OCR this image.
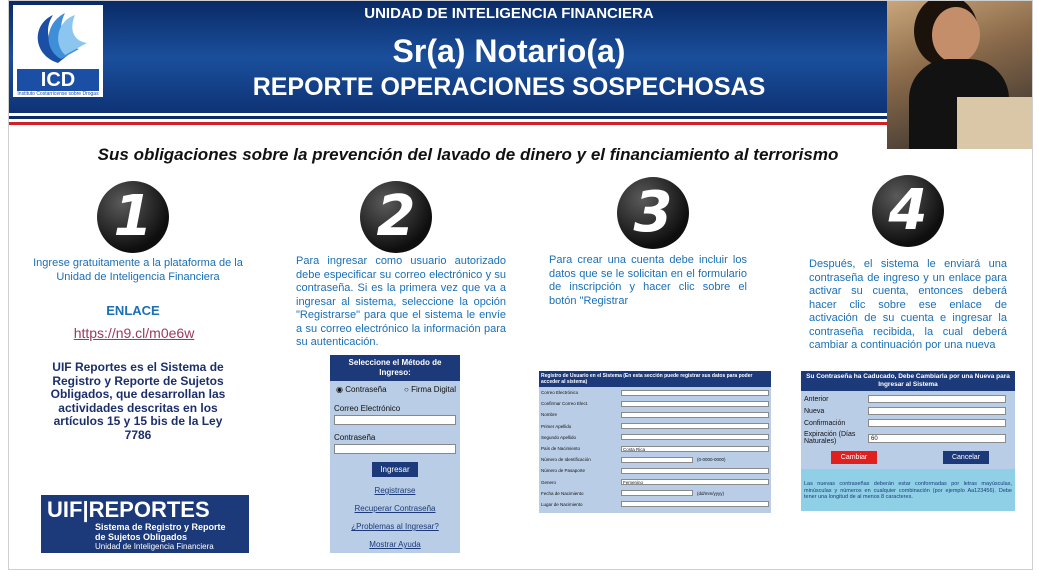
ICD
Instituto Costarricense sobre Drogas
UNIDAD DE INTELIGENCIA FINANCIERA
Sr(a) Notario(a)
REPORTE OPERACIONES SOSPECHOSAS
Sus obligaciones sobre la prevención del lavado de dinero y el financiamiento al terrorismo
1	2	3	4
Ingrese gratuitamente a la plataforma de la Unidad de Inteligencia Financiera
Para ingresar como usuario autorizado debe especificar su correo electrónico y su contraseña. Si es la primera vez que va a ingresar al sistema, seleccione la opción "Registrarse" para que el sistema le envíe a su correo electrónico la información para su autenticación.
Para crear una cuenta debe incluir los datos que se le solicitan en el formulario de inscripción y hacer clic sobre el botón "Registrar
Después, el sistema le enviará una contraseña de ingreso y un enlace para activar su cuenta, entonces deberá hacer clic sobre ese enlace de activación de su cuenta e ingresar la contraseña recibida, la cual deberá cambiar a continuación por una nueva
ENLACE
https://n9.cl/m0e6w
UIF Reportes es el Sistema de Registro y Reporte de Sujetos Obligados, que desarrollan las actividades descritas en los artículos 15 y 15 bis de la Ley 7786
UIF|REPORTES
Sistema de Registro y Reporte
de Sujetos Obligados
Unidad de Inteligencia Financiera
Seleccione el Método de Ingreso:
◉ Contraseña ○ Firma Digital
Correo Electrónico
Contraseña
Ingresar
Registrarse
Recuperar Contraseña
¿Problemas al Ingresar?
Mostrar Ayuda
Registro de Usuario en el Sistema (En esta sección puede registrar sus datos para poder acceder al sistema)
Correo Electrónico
Confirmar Correo Elect.
Nombre
Primer Apellido
Segundo Apellido
País de Nacimiento	Costa Rica
Número de Identificación	(0-0000-0000)
Número de Pasaporte
Genero	Femenino
Fecha de Nacimiento	(dd/mm/yyyy)
Lugar de Nacimiento
Su Contraseña ha Caducado, Debe Cambiarla por una Nueva para Ingresar al Sistema
Anterior
Nueva
Confirmación
Expiración (Días Naturales)	60
Cambiar	Cancelar
Las nuevas contraseñas deberán estar conformadas por letras mayúsculas, minúsculas y números en cualquier combinación (por ejemplo Aa123456). Debe tener una longitud de al menos 8 caracteres.
